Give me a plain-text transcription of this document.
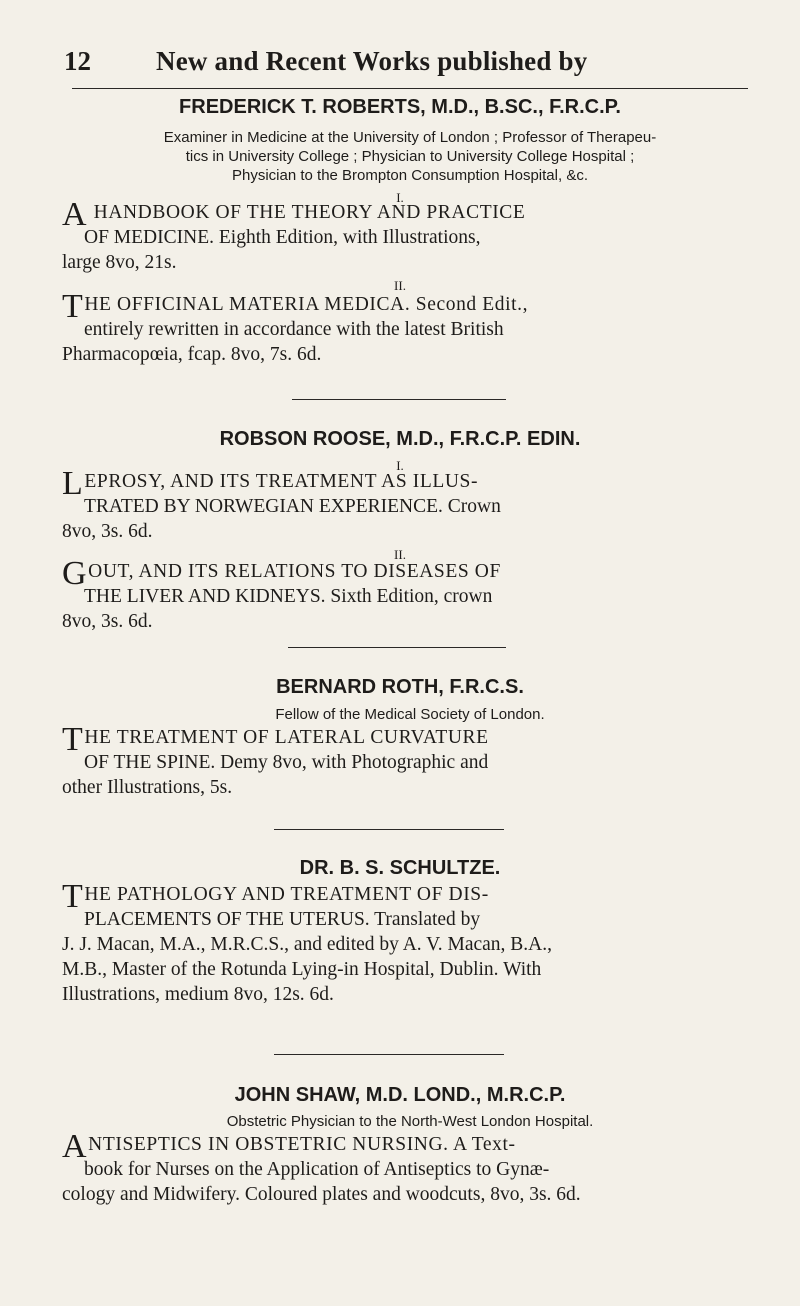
12 New and Recent Works published by
FREDERICK T. ROBERTS, M.D., B.SC., F.R.C.P.
Examiner in Medicine at the University of London ; Professor of Therapeu-
tics in University College ; Physician to University College Hospital ;
Physician to the Brompton Consumption Hospital, &c.
I.
A HANDBOOK OF THE THEORY AND PRACTICE
OF MEDICINE. Eighth Edition, with Illustrations,
large 8vo, 21s.
II.
THE OFFICINAL MATERIA MEDICA. Second Edit.,
entirely rewritten in accordance with the latest British
Pharmacopœia, fcap. 8vo, 7s. 6d.
ROBSON ROOSE, M.D., F.R.C.P. EDIN.
I.
LEPROSY, AND ITS TREATMENT AS ILLUS-
TRATED BY NORWEGIAN EXPERIENCE. Crown
8vo, 3s. 6d.
II.
GOUT, AND ITS RELATIONS TO DISEASES OF
THE LIVER AND KIDNEYS. Sixth Edition, crown
8vo, 3s. 6d.
BERNARD ROTH, F.R.C.S.
Fellow of the Medical Society of London.
THE TREATMENT OF LATERAL CURVATURE
OF THE SPINE. Demy 8vo, with Photographic and
other Illustrations, 5s.
DR. B. S. SCHULTZE.
THE PATHOLOGY AND TREATMENT OF DIS-
PLACEMENTS OF THE UTERUS. Translated by
J. J. Macan, M.A., M.R.C.S., and edited by A. V. Macan, B.A.,
M.B., Master of the Rotunda Lying-in Hospital, Dublin. With
Illustrations, medium 8vo, 12s. 6d.
JOHN SHAW, M.D. LOND., M.R.C.P.
Obstetric Physician to the North-West London Hospital.
ANTISEPTICS IN OBSTETRIC NURSING. A Text-
book for Nurses on the Application of Antiseptics to Gynæ-
cology and Midwifery. Coloured plates and woodcuts, 8vo, 3s. 6d.
